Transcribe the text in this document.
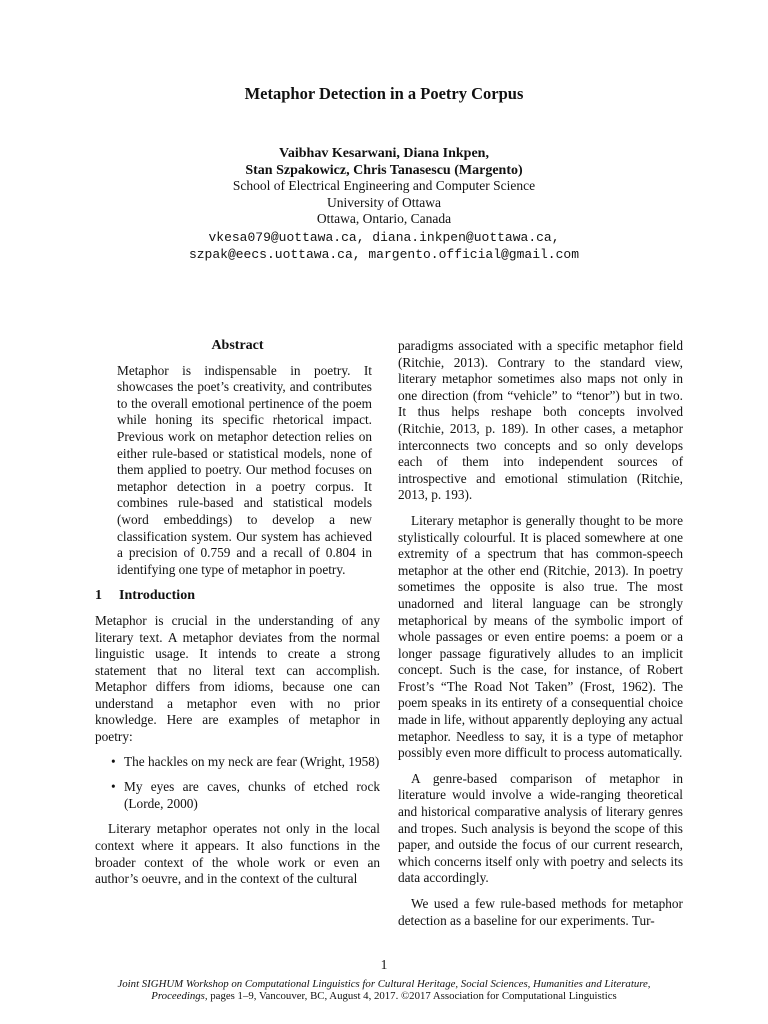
Metaphor Detection in a Poetry Corpus
Vaibhav Kesarwani, Diana Inkpen,
Stan Szpakowicz, Chris Tanasescu (Margento)
School of Electrical Engineering and Computer Science
University of Ottawa
Ottawa, Ontario, Canada
vkesa079@uottawa.ca, diana.inkpen@uottawa.ca,
szpak@eecs.uottawa.ca, margento.official@gmail.com
Abstract

Metaphor is indispensable in poetry. It showcases the poet’s creativity, and contributes to the overall emotional pertinence of the poem while honing its specific rhetorical impact. Previous work on metaphor detection relies on either rule-based or statistical models, none of them applied to poetry. Our method focuses on metaphor detection in a poetry corpus. It combines rule-based and statistical models (word embeddings) to develop a new classification system. Our system has achieved a precision of 0.759 and a recall of 0.804 in identifying one type of metaphor in poetry.

1 Introduction

Metaphor is crucial in the understanding of any literary text. A metaphor deviates from the normal linguistic usage. It intends to create a strong statement that no literal text can accomplish. Metaphor differs from idioms, because one can understand a metaphor even with no prior knowledge. Here are examples of metaphor in poetry:

• The hackles on my neck are fear (Wright, 1958)
• My eyes are caves, chunks of etched rock (Lorde, 2000)

Literary metaphor operates not only in the local context where it appears. It also functions in the broader context of the whole work or even an author’s oeuvre, and in the context of the cultural

paradigms associated with a specific metaphor field (Ritchie, 2013). Contrary to the standard view, literary metaphor sometimes also maps not only in one direction (from “vehicle” to “tenor”) but in two. It thus helps reshape both concepts involved (Ritchie, 2013, p. 189). In other cases, a metaphor interconnects two concepts and so only develops each of them into independent sources of introspective and emotional stimulation (Ritchie, 2013, p. 193).

Literary metaphor is generally thought to be more stylistically colourful. It is placed somewhere at one extremity of a spectrum that has common-speech metaphor at the other end (Ritchie, 2013). In poetry sometimes the opposite is also true. The most unadorned and literal language can be strongly metaphorical by means of the symbolic import of whole passages or even entire poems: a poem or a longer passage figuratively alludes to an implicit concept. Such is the case, for instance, of Robert Frost’s “The Road Not Taken” (Frost, 1962). The poem speaks in its entirety of a consequential choice made in life, without apparently deploying any actual metaphor. Needless to say, it is a type of metaphor possibly even more difficult to process automatically.

A genre-based comparison of metaphor in literature would involve a wide-ranging theoretical and historical comparative analysis of literary genres and tropes. Such analysis is beyond the scope of this paper, and outside the focus of our current research, which concerns itself only with poetry and selects its data accordingly.

We used a few rule-based methods for metaphor detection as a baseline for our experiments. Tur-

1
Joint SIGHUM Workshop on Computational Linguistics for Cultural Heritage, Social Sciences, Humanities and Literature,
Proceedings, pages 1–9, Vancouver, BC, August 4, 2017. ©2017 Association for Computational Linguistics
